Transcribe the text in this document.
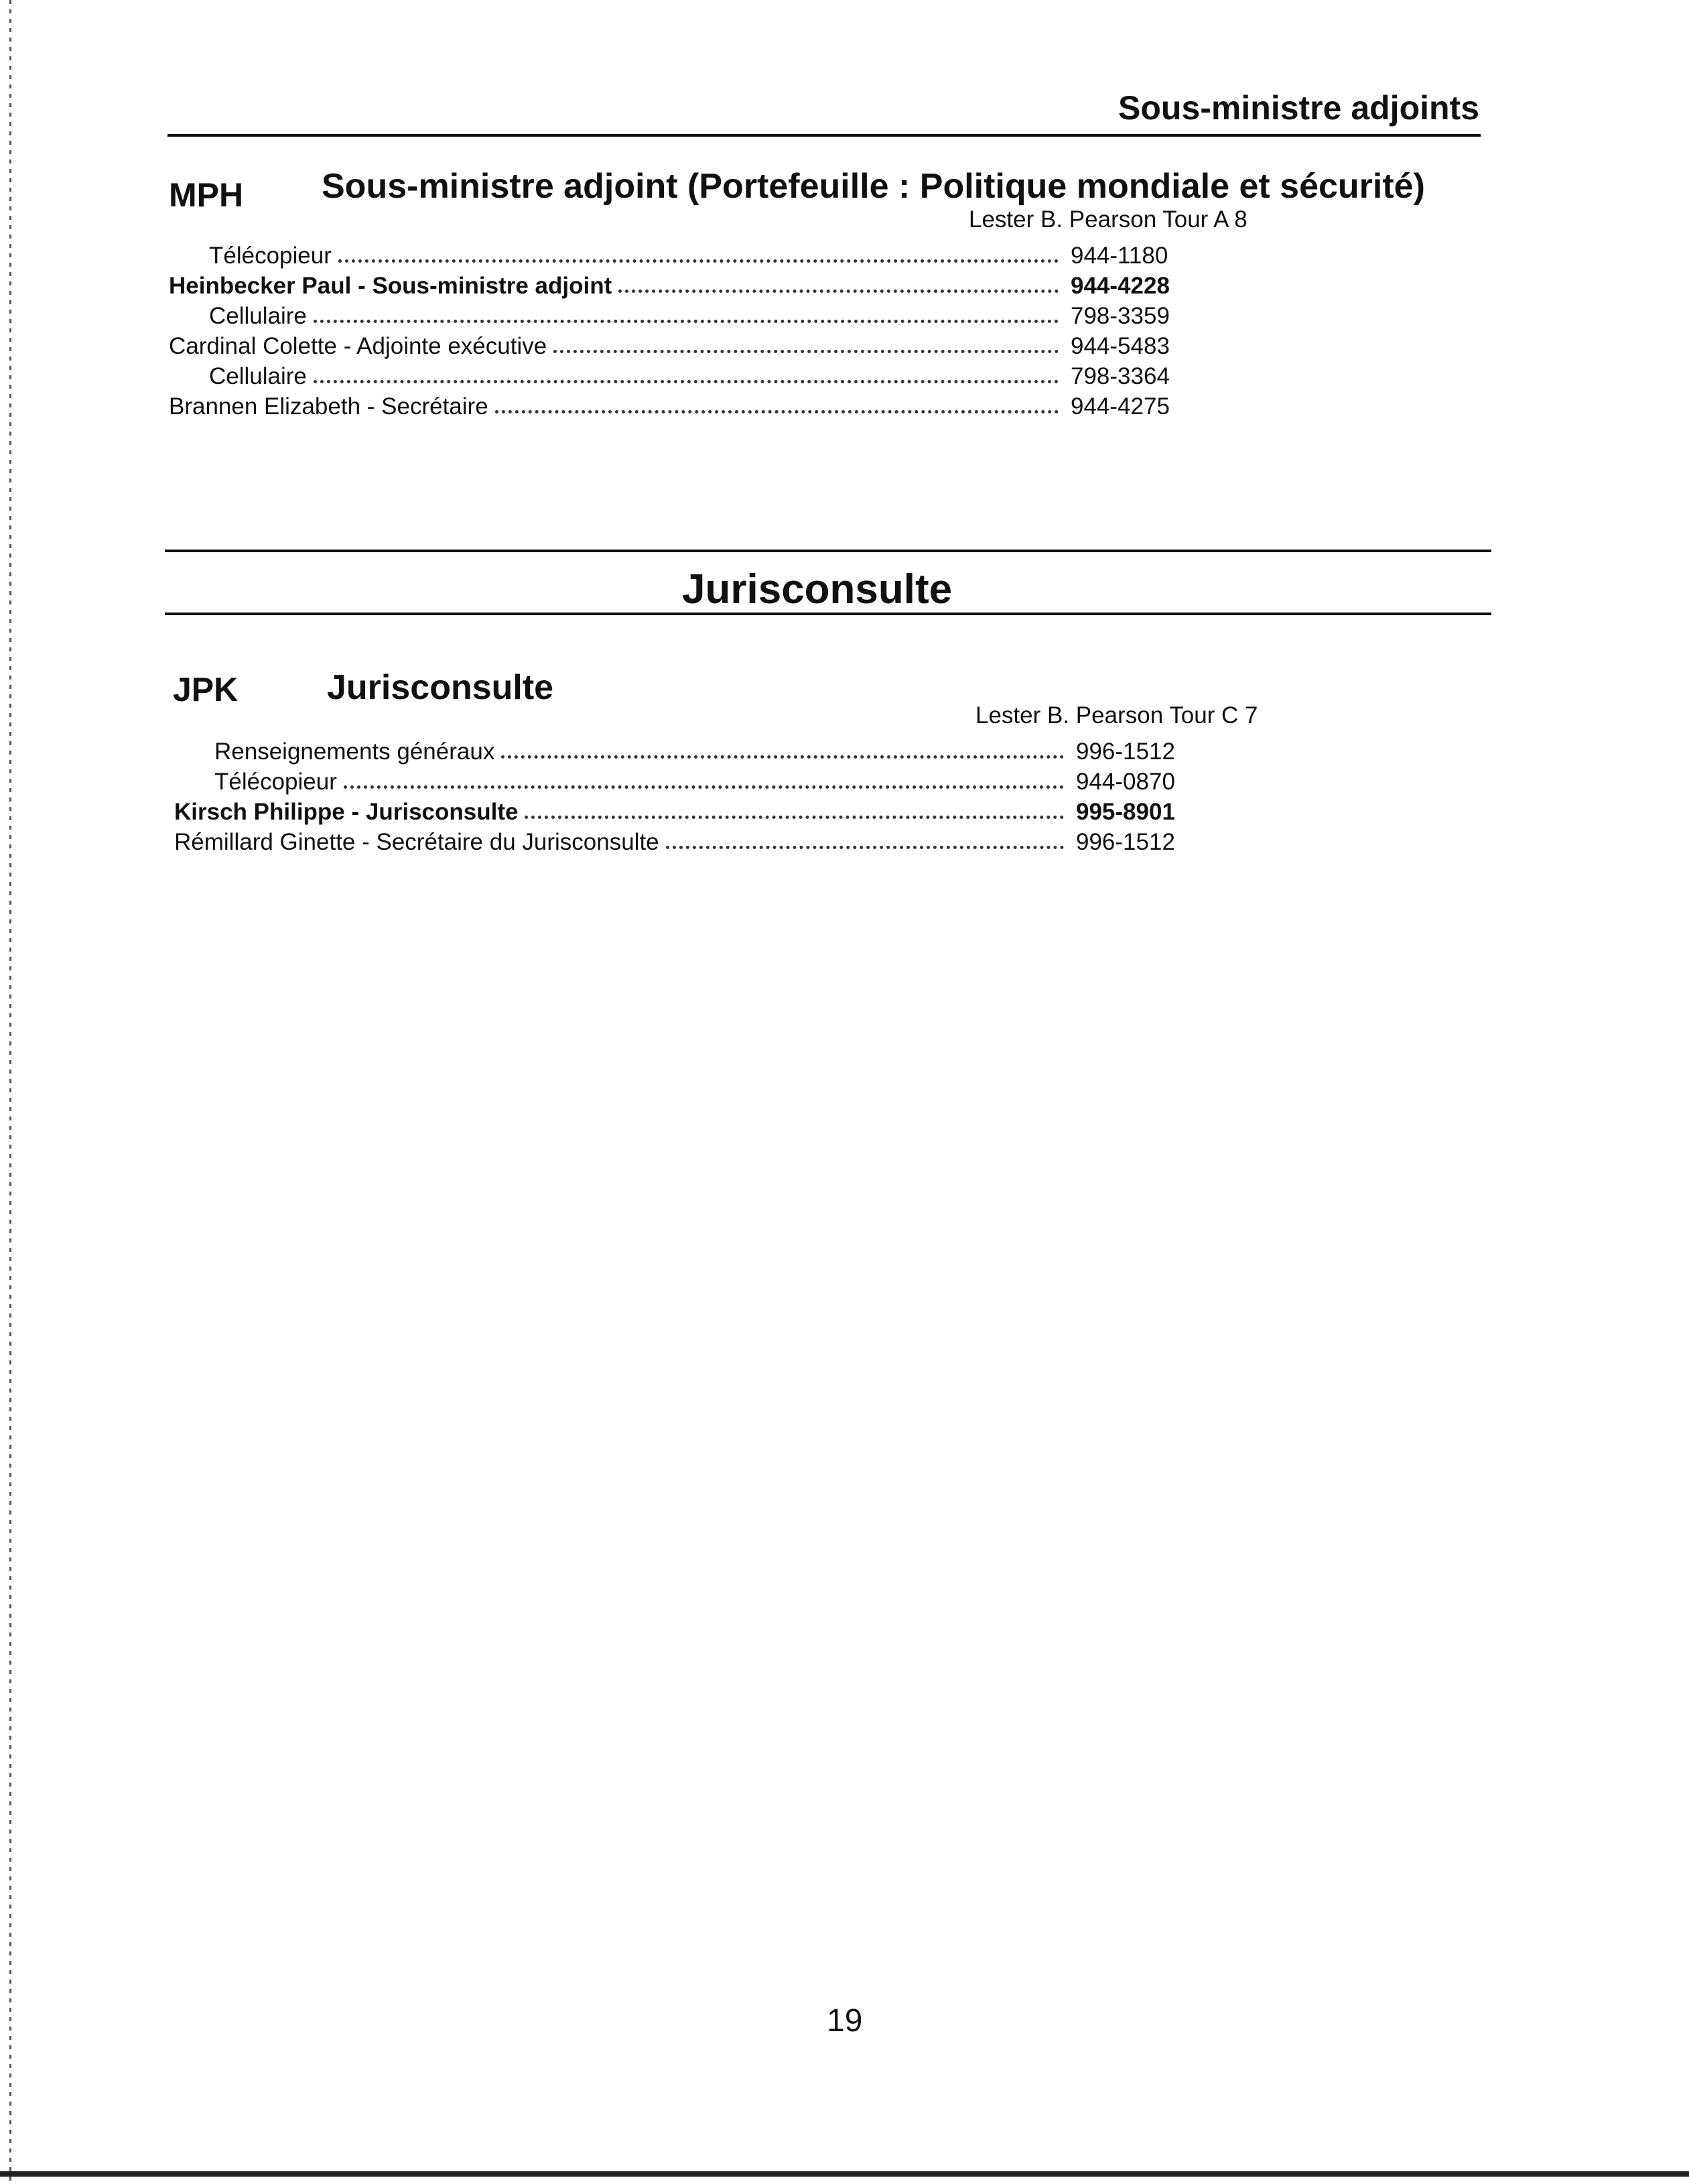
Sous-ministre adjoints
MPH Sous-ministre adjoint (Portefeuille : Politique mondiale et sécurité)
Lester B. Pearson Tour A 8
Télécopieur	944-1180
Heinbecker Paul - Sous-ministre adjoint	944-4228
Cellulaire	798-3359
Cardinal Colette - Adjointe exécutive	944-5483
Cellulaire	798-3364
Brannen Elizabeth - Secrétaire	944-4275
Jurisconsulte
JPK	Jurisconsulte
Lester B. Pearson Tour C 7
Renseignements généraux	996-1512
Télécopieur	944-0870
Kirsch Philippe - Jurisconsulte	995-8901
Rémillard Ginette - Secrétaire du Jurisconsulte	996-1512
19
